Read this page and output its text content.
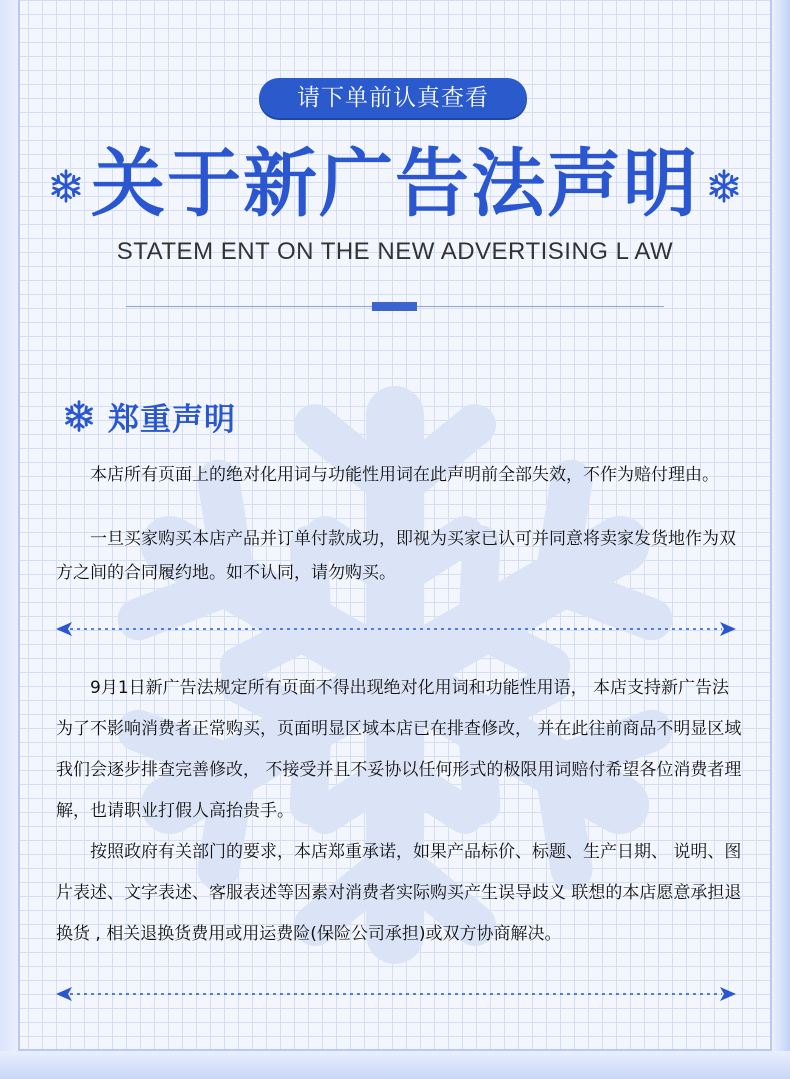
请下单前认真查看
关于新广告法声明
STATEM ENT ON THE NEW ADVERTISING L AW
郑重声明

本店所有页面上的绝对化用词与功能性用词在此声明前全部失效，不作为赔付理由。

一旦买家购买本店产品并订单付款成功，即视为买家已认可并同意将卖家发货地作为双方之间的合同履约地。如不认同，请勿购买。

9月1日新广告法规定所有页面不得出现绝对化用词和功能性用语， 本店支持新广告法为了不影响消费者正常购买，页面明显区域本店已在排查修改， 并在此往前商品不明显区域我们会逐步排查完善修改， 不接受并且不妥协以任何形式的极限用词赔付希望各位消费者理解，也请职业打假人高抬贵手。

按照政府有关部门的要求，本店郑重承诺，如果产品标价、标题、生产日期、 说明、图片表述、文字表述、客服表述等因素对消费者实际购买产生误导歧义 联想的本店愿意承担退换货 , 相关退换货费用或用运费险(保险公司承担)或双方协商解决。
